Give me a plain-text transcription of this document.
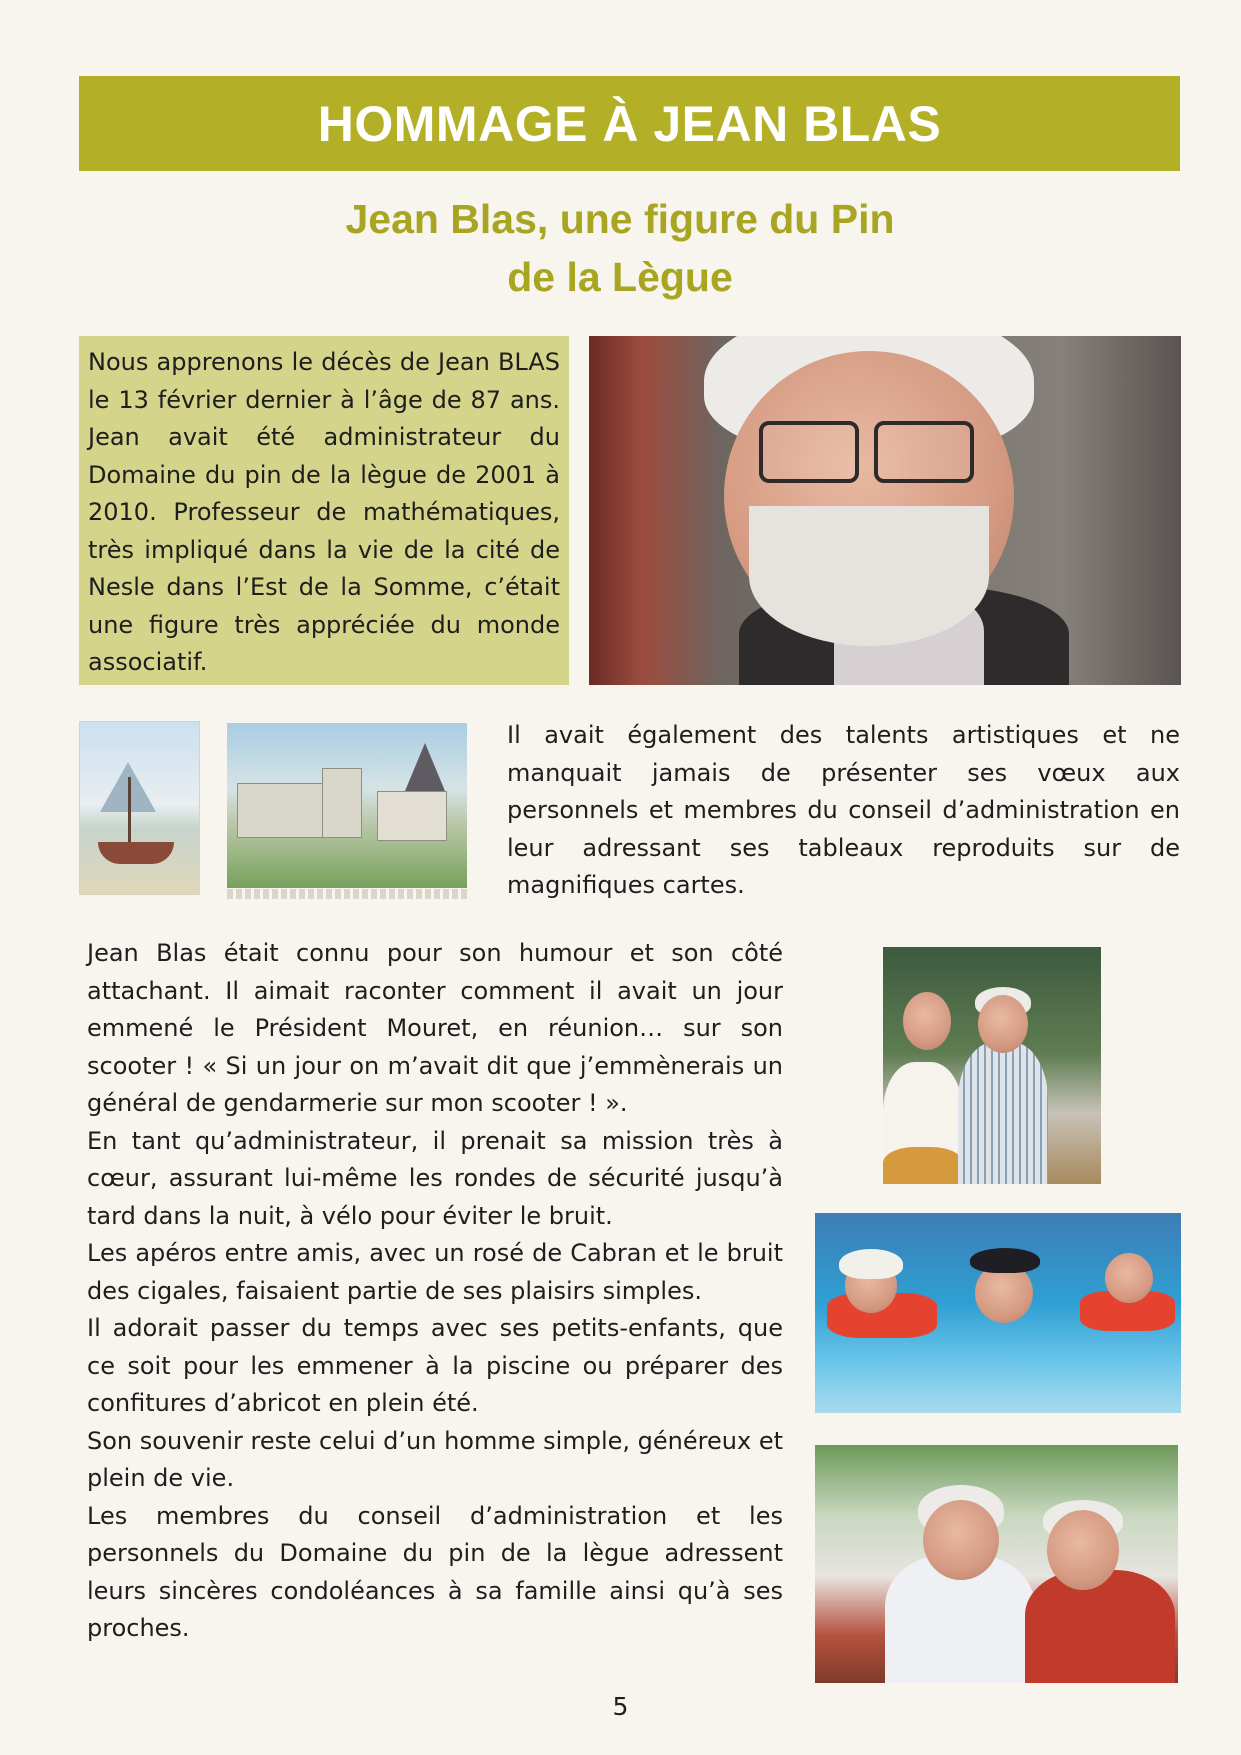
HOMMAGE À JEAN BLAS
Jean Blas, une figure du Pin
de la Lègue

Nous apprenons le décès de Jean BLAS le 13 février dernier à l’âge de 87 ans. Jean avait été administrateur du Domaine du pin de la lègue de 2001 à 2010. Professeur de mathématiques, très impliqué dans la vie de la cité de Nesle dans l’Est de la Somme, c’était une figure très appréciée du monde associatif.

Il avait également des talents artistiques et ne manquait jamais de présenter ses vœux aux personnels et membres du conseil d’administration en leur adressant ses tableaux reproduits sur de magnifiques cartes.

Jean Blas était connu pour son humour et son côté attachant. Il aimait raconter comment il avait un jour emmené le Président Mouret, en réunion… sur son scooter ! « Si un jour on m’avait dit que j’emmènerais un général de gendarmerie sur mon scooter ! ».

En tant qu’administrateur, il prenait sa mission très à cœur, assurant lui-même les rondes de sécurité jusqu’à tard dans la nuit, à vélo pour éviter le bruit.

Les apéros entre amis, avec un rosé de Cabran et le bruit des cigales, faisaient partie de ses plaisirs simples.

Il adorait passer du temps avec ses petits-enfants, que ce soit pour les emmener à la piscine ou préparer des confitures d’abricot en plein été.

Son souvenir reste celui d’un homme simple, généreux et plein de vie.

Les membres du conseil d’administration et les personnels du Domaine du pin de la lègue adressent leurs sincères condoléances à sa famille ainsi qu’à ses proches.

5
